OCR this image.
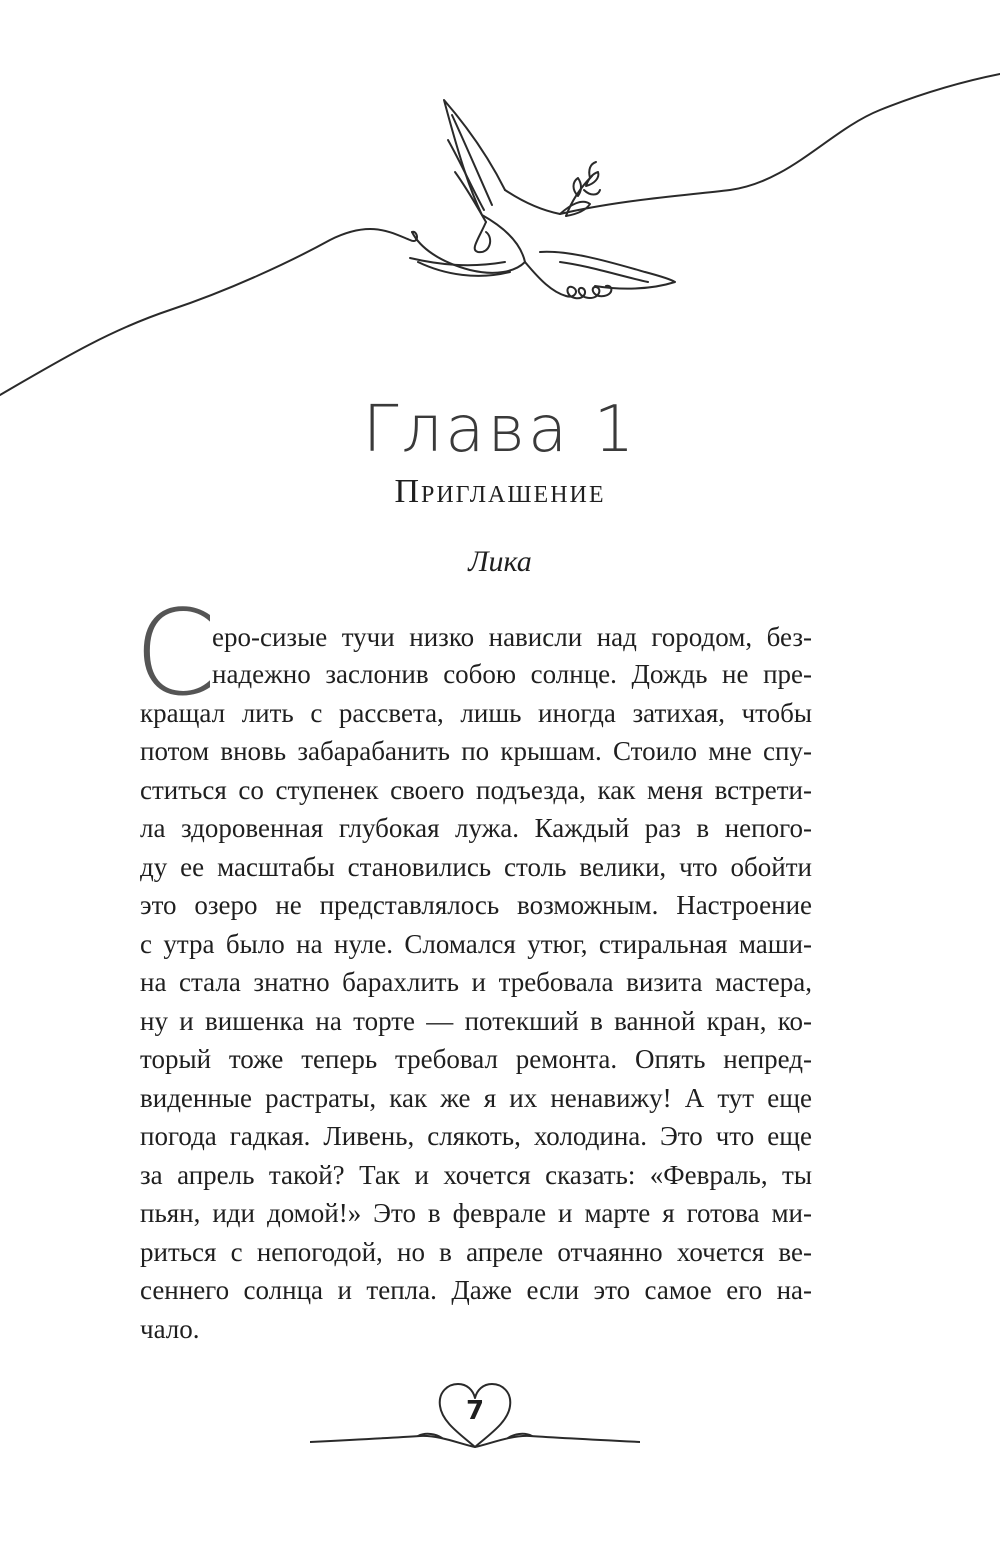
Глава 1
Приглашение
Лика
С
еро-сизые тучи низко нависли над городом, без-
надежно заслонив собою солнце. Дождь не пре-
кращал лить с рассвета, лишь иногда затихая, чтобы
потом вновь забарабанить по крышам. Стоило мне спу-
ститься со ступенек своего подъезда, как меня встрети-
ла здоровенная глубокая лужа. Каждый раз в непого-
ду ее масштабы становились столь велики, что обойти
это озеро не представлялось возможным. Настроение
с утра было на нуле. Сломался утюг, стиральная маши-
на стала знатно барахлить и требовала визита мастера,
ну и вишенка на торте — потекший в ванной кран, ко-
торый тоже теперь требовал ремонта. Опять непред-
виденные растраты, как же я их ненавижу! А тут еще
погода гадкая. Ливень, слякоть, холодина. Это что еще
за апрель такой? Так и хочется сказать: «Февраль, ты
пьян, иди домой!» Это в феврале и марте я готова ми-
риться с непогодой, но в апреле отчаянно хочется ве-
сеннего солнца и тепла. Даже если это самое его на-
чало.
7
